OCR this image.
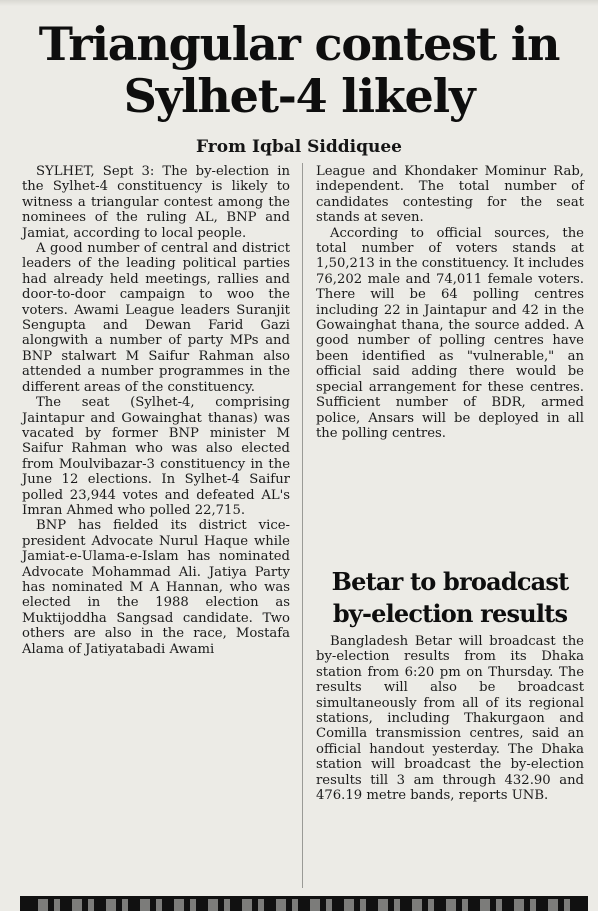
Triangular contest in
Sylhet-4 likely
From Iqbal Siddiquee

SYLHET, Sept 3: The by-election in the Sylhet-4 constituency is likely to witness a triangular contest among the nominees of the ruling AL, BNP and Jamiat, according to local people.

A good number of central and district leaders of the leading political parties had already held meetings, rallies and door-to-door campaign to woo the voters. Awami League leaders Suranjit Sengupta and Dewan Farid Gazi alongwith a number of party MPs and BNP stalwart M Saifur Rahman also attended a number programmes in the different areas of the constituency.

The seat (Sylhet-4, comprising Jaintapur and Gowainghat thanas) was vacated by former BNP minister M Saifur Rahman who was also elected from Moulvibazar-3 constituency in the June 12 elections. In Sylhet-4 Saifur polled 23,944 votes and defeated AL's Imran Ahmed who polled 22,715.

BNP has fielded its district vice-president Advocate Nurul Haque while Jamiat-e-Ulama-e-Islam has nominated Advocate Mohammad Ali. Jatiya Party has nominated M A Hannan, who was elected in the 1988 election as Muktijoddha Sangsad candidate. Two others are also in the race, Mostafa Alama of Jatiyatabadi Awami

League and Khondaker Mominur Rab, independent. The total number of candidates contesting for the seat stands at seven.

According to official sources, the total number of voters stands at 1,50,213 in the constituency. It includes 76,202 male and 74,011 female voters. There will be 64 polling centres including 22 in Jaintapur and 42 in the Gowainghat thana, the source added. A good number of polling centres have been identified as "vulnerable," an official said adding there would be special arrangement for these centres. Sufficient number of BDR, armed police, Ansars will be deployed in all the polling centres.

Betar to broadcast
by-election results

Bangladesh Betar will broadcast the by-election results from its Dhaka station from 6:20 pm on Thursday. The results will also be broadcast simultaneously from all of its regional stations, including Thakurgaon and Comilla transmission centres, said an official handout yesterday. The Dhaka station will broadcast the by-election results till 3 am through 432.90 and 476.19 metre bands, reports UNB.
